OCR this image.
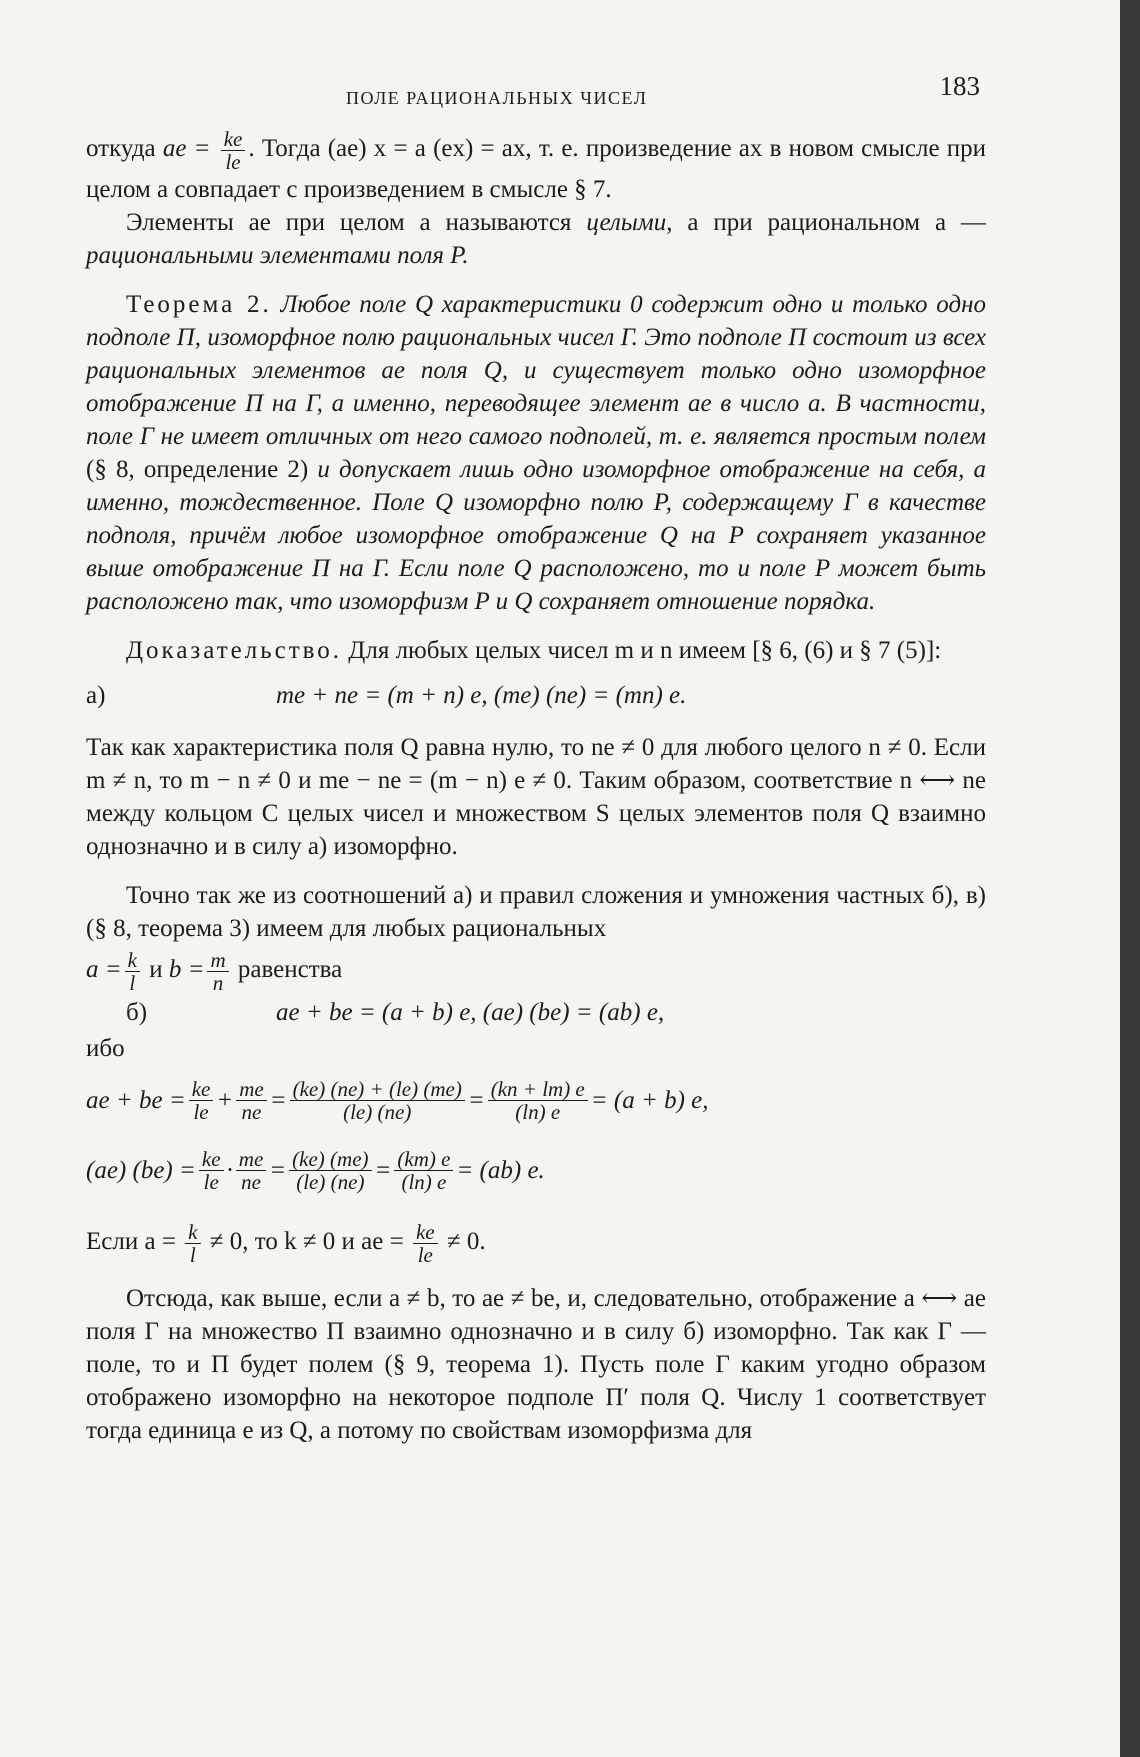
ПОЛЕ РАЦИОНАЛЬНЫХ ЧИСЕЛ	183

откуда ae = $\frac{ke}{le}$ . Тогда (ae) x = a (ex) = ax, т. е. произведение ax в новом смысле при целом a совпадает с произведением в смысле § 7.

Элементы ae при целом a называются целыми, а при рациональном a — рациональными элементами поля P.

Теорема 2. Любое поле Q характеристики 0 содержит одно и только одно подполе Π, изоморфное полю рациональных чисел Γ. Это подполе Π состоит из всех рациональных элементов ae поля Q, и существует только одно изоморфное отображение Π на Γ, а именно, переводящее элемент ae в число a. В частности, поле Γ не имеет отличных от него самого подполей, т. е. является простым полем (§ 8, определение 2) и допускает лишь одно изоморфное отображение на себя, а именно, тождественное. Поле Q изоморфно полю P, содержащему Γ в качестве подполя, причём любое изоморфное отображение Q на P сохраняет указанное выше отображение Π на Γ. Если поле Q расположено, то и поле P может быть расположено так, что изоморфизм P и Q сохраняет отношение порядка.

Доказательство. Для любых целых чисел m и n имеем [§ 6, (6) и § 7 (5)]:

а)	me + ne = (m + n) e, (me) (ne) = (mn) e.

Так как характеристика поля Q равна нулю, то ne ≠ 0 для любого целого n ≠ 0. Если m ≠ n, то m − n ≠ 0 и me − ne = (m − n) e ≠ 0. Таким образом, соответствие n ⟷ ne между кольцом C целых чисел и множеством S целых элементов поля Q взаимно однозначно и в силу а) изоморфно.

Точно так же из соотношений а) и правил сложения и умножения частных б), в) (§ 8, теорема 3) имеем для любых рациональных

$a = \frac{k}{l}$ и $b = \frac{m}{n}$ равенства

б)	ae + be = (a + b) e, (ae) (be) = (ab) e,

ибо

ae + be = $\frac{ke}{le} + \frac{me}{ne} = \frac{(ke) (ne) + (le) (me)}{(le) (ne)} = \frac{(kn + lm) e}{(\ln) e} = (a + b)$ e,
(ae) $(be) = \frac{ke}{le} \cdot \frac{me}{ne} = \frac{(ke) (me)}{(le) (ne)} = \frac{(km) e}{(\ln) e} = (ab)$ e.

Если $a = \frac{k}{l} \ne 0$, то k ≠ 0 и ae = $\frac{ke}{le} \ne 0$.

Отсюда, как выше, если a ≠ b, то ae ≠ be, и, следовательно, отображение a ⟷ ae поля Γ на множество Π взаимно однозначно и в силу б) изоморфно. Так как Γ — поле, то и Π будет полем (§ 9, теорема 1). Пусть поле Γ каким угодно образом отображено изоморфно на некоторое подполе Π′ поля Q. Числу 1 соответствует тогда единица e из Q, а потому по свойствам изоморфизма для
